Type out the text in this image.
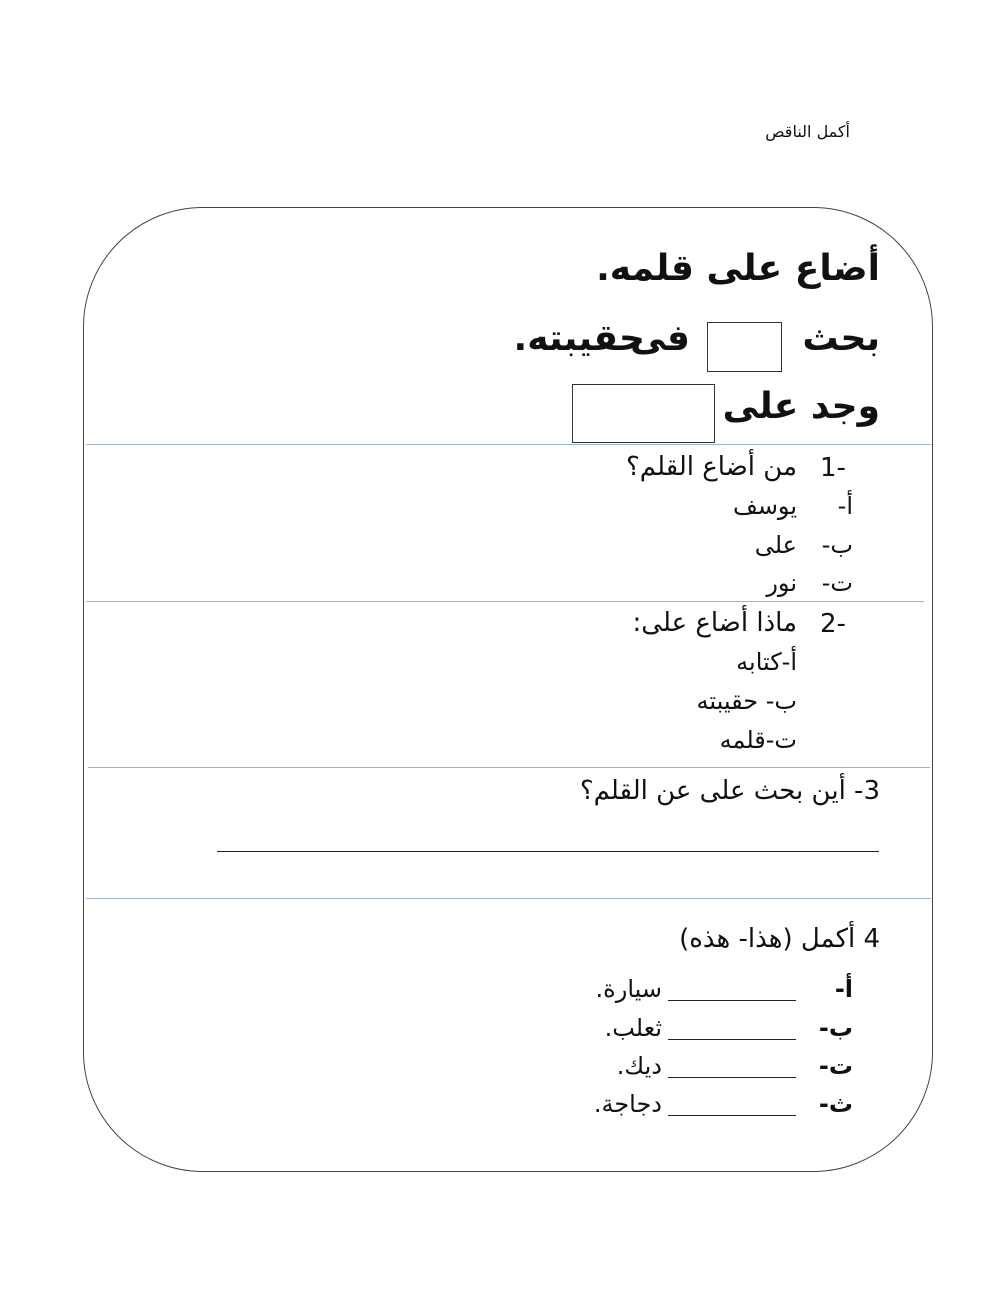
أكمل الناقص
أضاع على قلمه.
بحث
فى
حقيبته.
وجد على
1-
من أضاع القلم؟
أ-
يوسف
ب-
على
ت-
نور
2-
ماذا أضاع على:
أ-كتابه
ب- حقيبته
ت-قلمه
3- أين بحث على عن القلم؟
4 أكمل (هذا- هذه)
أ-
سيارة.
ب-
ثعلب.
ت-
ديك.
ث-
دجاجة.
